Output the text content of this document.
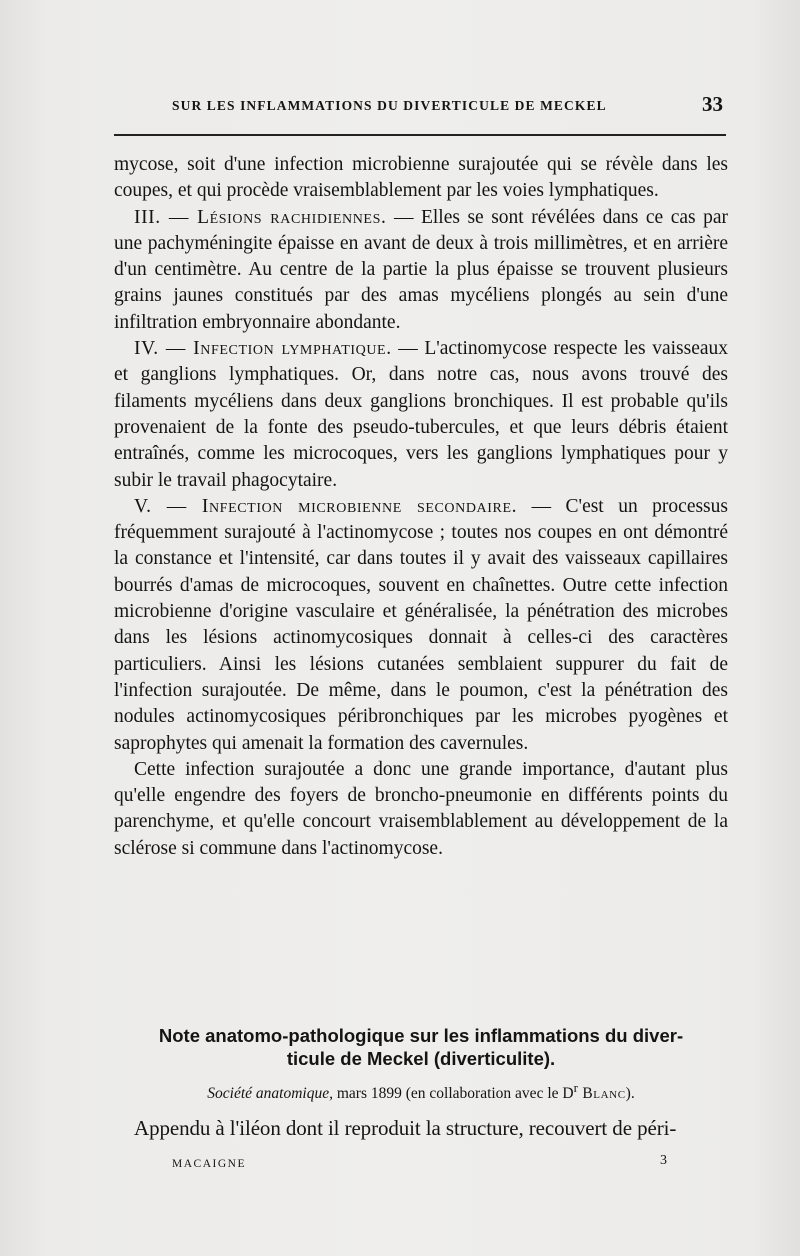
SUR LES INFLAMMATIONS DU DIVERTICULE DE MECKEL	33

mycose, soit d'une infection microbienne surajoutée qui se révèle dans les coupes, et qui procède vraisemblablement par les voies lymphatiques.

III. — Lésions rachidiennes. — Elles se sont révélées dans ce cas par une pachyméningite épaisse en avant de deux à trois millimètres, et en arrière d'un centimètre. Au centre de la partie la plus épaisse se trouvent plusieurs grains jaunes constitués par des amas mycéliens plongés au sein d'une infiltration embryonnaire abondante.

IV. — Infection lymphatique. — L'actinomycose respecte les vaisseaux et ganglions lymphatiques. Or, dans notre cas, nous avons trouvé des filaments mycéliens dans deux ganglions bronchiques. Il est probable qu'ils provenaient de la fonte des pseudo-tubercules, et que leurs débris étaient entraînés, comme les microcoques, vers les ganglions lymphatiques pour y subir le travail phagocytaire.

V. — Infection microbienne secondaire. — C'est un processus fréquemment surajouté à l'actinomycose ; toutes nos coupes en ont démontré la constance et l'intensité, car dans toutes il y avait des vaisseaux capillaires bourrés d'amas de microcoques, souvent en chaînettes. Outre cette infection microbienne d'origine vasculaire et généralisée, la pénétration des microbes dans les lésions actinomycosiques donnait à celles-ci des caractères particuliers. Ainsi les lésions cutanées semblaient suppurer du fait de l'infection surajoutée. De même, dans le poumon, c'est la pénétration des nodules actinomycosiques péribronchiques par les microbes pyogènes et saprophytes qui amenait la formation des cavernules.

Cette infection surajoutée a donc une grande importance, d'autant plus qu'elle engendre des foyers de broncho-pneumonie en différents points du parenchyme, et qu'elle concourt vraisemblablement au développement de la sclérose si commune dans l'actinomycose.

Note anatomo-pathologique sur les inflammations du diver-
ticule de Meckel (diverticulite).
Société anatomique, mars 1899 (en collaboration avec le $D^r$ Blanc).
Appendu à l'iléon dont il reproduit la structure, recouvert de péri-
MACAIGNE	3
